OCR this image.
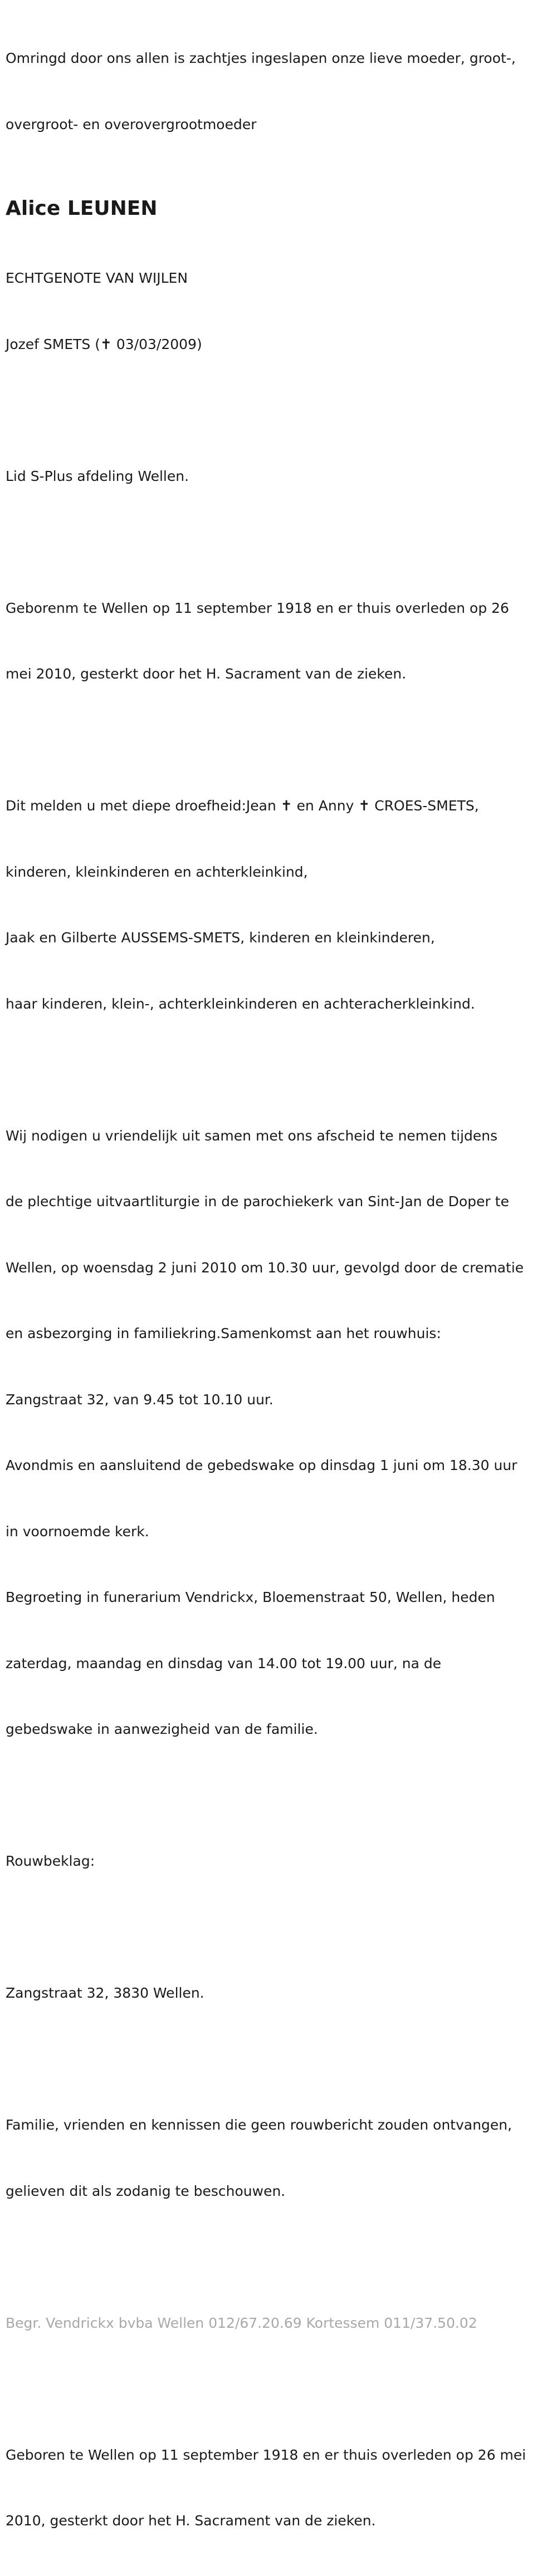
Omringd door ons allen is zachtjes ingeslapen onze lieve moeder, groot-,

overgroot- en overovergrootmoeder

Alice LEUNEN

ECHTGENOTE VAN WIJLEN

Jozef SMETS (✝ 03/03/2009)

Lid S-Plus afdeling Wellen.

Geborenm te Wellen op 11 september 1918 en er thuis overleden op 26

mei 2010, gesterkt door het H. Sacrament van de zieken.

Dit melden u met diepe droefheid:Jean ✝ en Anny ✝ CROES-SMETS,

kinderen, kleinkinderen en achterkleinkind,

Jaak en Gilberte AUSSEMS-SMETS, kinderen en kleinkinderen,

haar kinderen, klein-, achterkleinkinderen en achteracherkleinkind.

Wij nodigen u vriendelijk uit samen met ons afscheid te nemen tijdens

de plechtige uitvaartliturgie in de parochiekerk van Sint-Jan de Doper te

Wellen, op woensdag 2 juni 2010 om 10.30 uur, gevolgd door de crematie

en asbezorging in familiekring.Samenkomst aan het rouwhuis:

Zangstraat 32, van 9.45 tot 10.10 uur.

Avondmis en aansluitend de gebedswake op dinsdag 1 juni om 18.30 uur

in voornoemde kerk.

Begroeting in funerarium Vendrickx, Bloemenstraat 50, Wellen, heden

zaterdag, maandag en dinsdag van 14.00 tot 19.00 uur, na de

gebedswake in aanwezigheid van de familie.

Rouwbeklag:

Zangstraat 32, 3830 Wellen.

Familie, vrienden en kennissen die geen rouwbericht zouden ontvangen,

gelieven dit als zodanig te beschouwen.

Begr. Vendrickx bvba Wellen 012/67.20.69 Kortessem 011/37.50.02

Geboren te Wellen op 11 september 1918 en er thuis overleden op 26 mei

2010, gesterkt door het H. Sacrament van de zieken.
